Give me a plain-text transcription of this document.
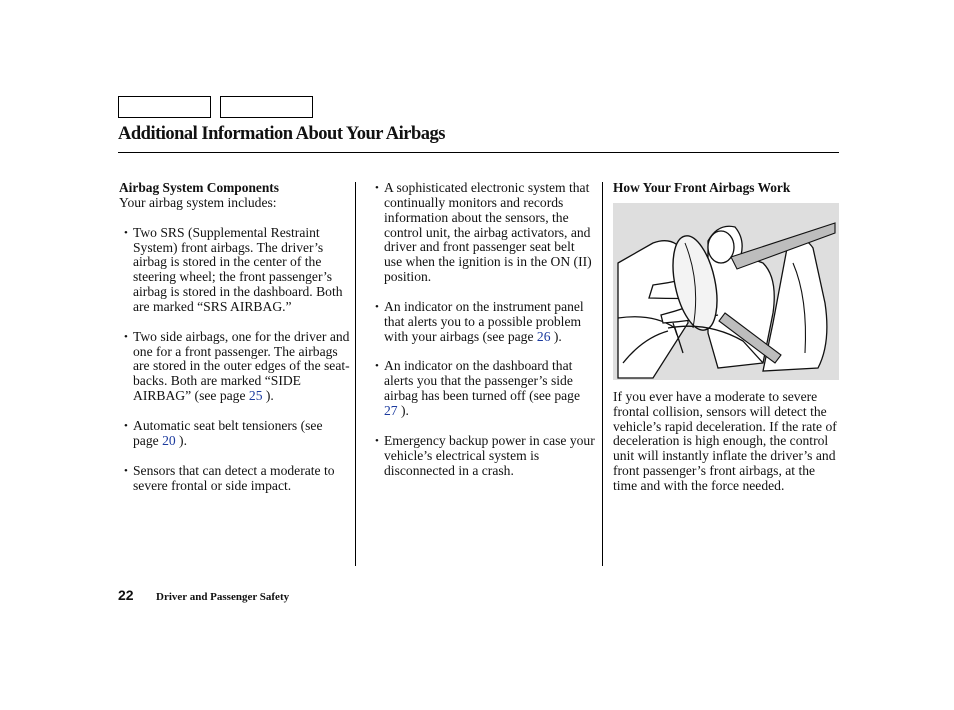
Additional Information About Your Airbags
Airbag System Components
Your airbag system includes:
• Two SRS (Supplemental Restraint System) front airbags. The driver’s airbag is stored in the center of the steering wheel; the front passenger’s airbag is stored in the dashboard. Both are marked “SRS AIRBAG.”
• Two side airbags, one for the driver and one for a front passenger. The airbags are stored in the outer edges of the seat-backs. Both are marked “SIDE AIRBAG” (see page 25 ).
• Automatic seat belt tensioners (see page 20 ).
• Sensors that can detect a moderate to severe frontal or side impact.
• A sophisticated electronic system that continually monitors and records information about the sensors, the control unit, the airbag activators, and driver and front passenger seat belt use when the ignition is in the ON (II) position.
• An indicator on the instrument panel that alerts you to a possible problem with your airbags (see page 26 ).
• An indicator on the dashboard that alerts you that the passenger’s side airbag has been turned off (see page 27 ).
• Emergency backup power in case your vehicle’s electrical system is disconnected in a crash.
How Your Front Airbags Work
If you ever have a moderate to severe frontal collision, sensors will detect the vehicle’s rapid deceleration. If the rate of deceleration is high enough, the control unit will instantly inflate the driver’s and front passenger’s front airbags, at the time and with the force needed.
22 Driver and Passenger Safety
